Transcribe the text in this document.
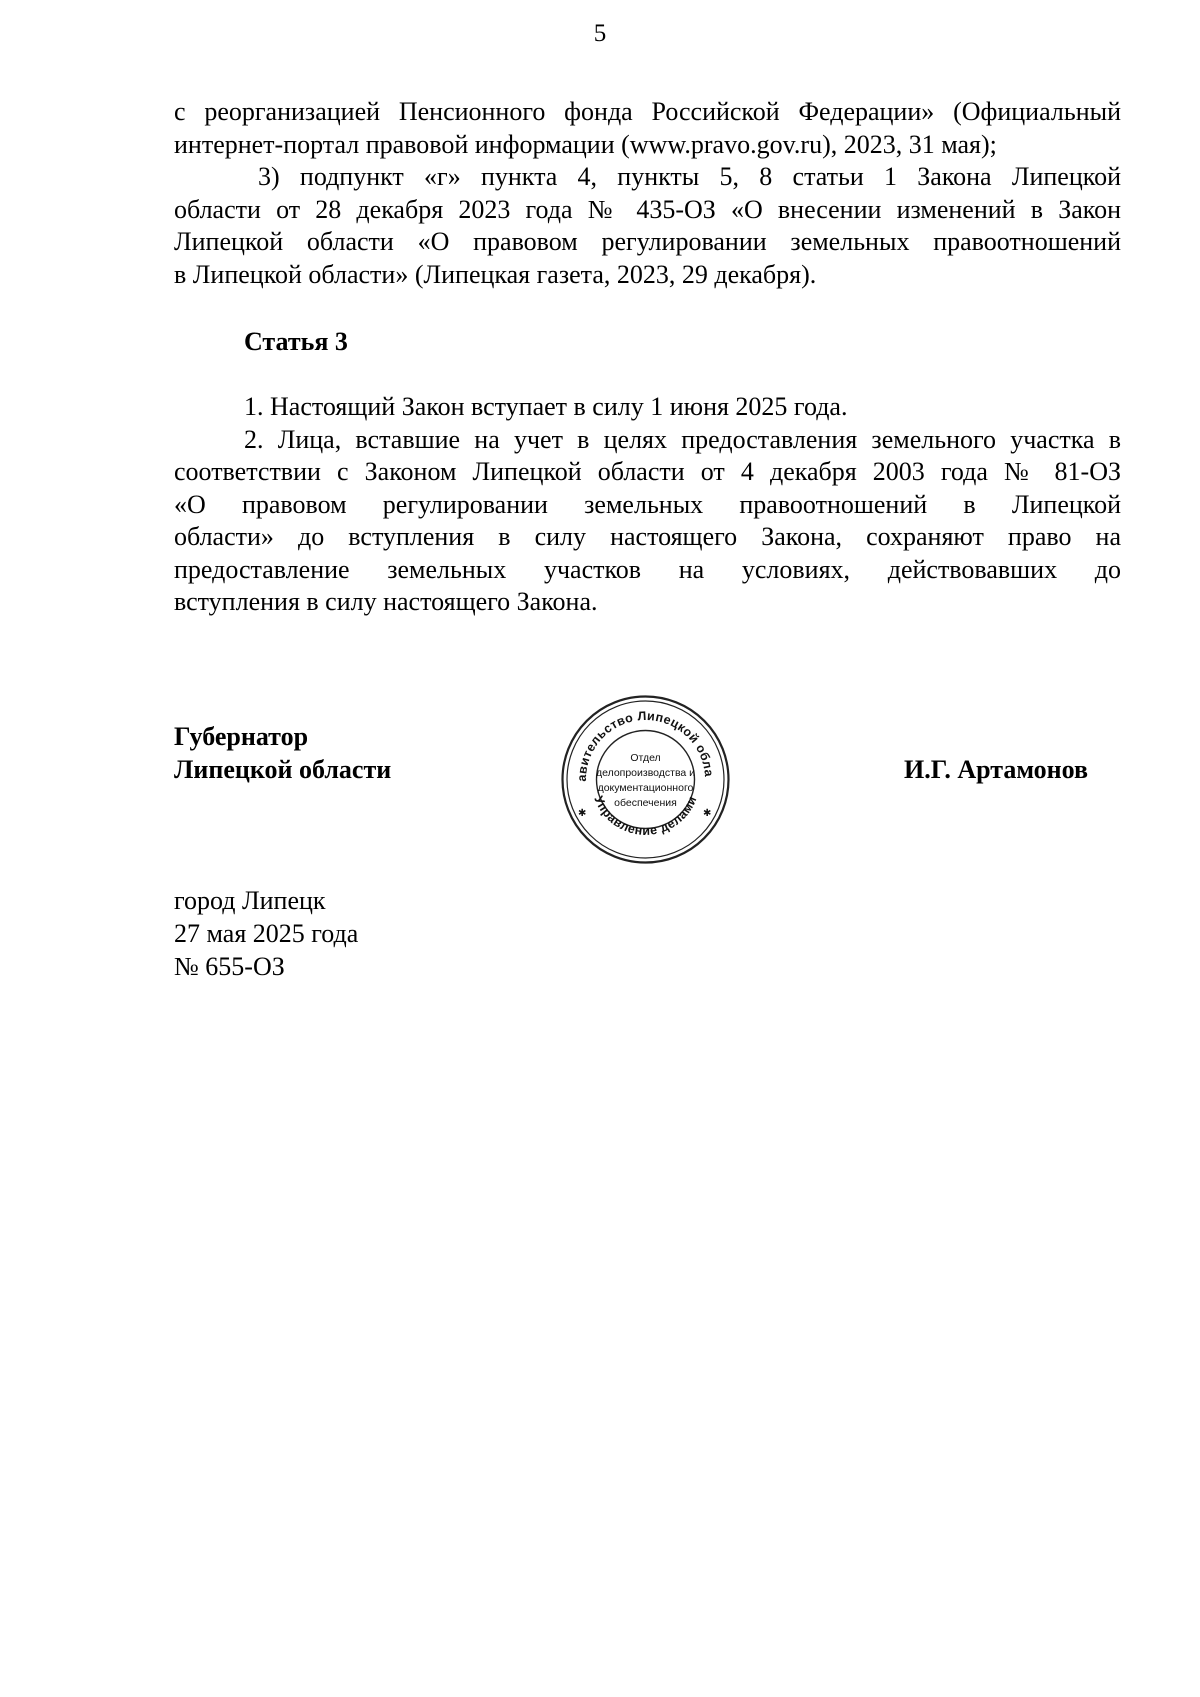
5
с реорганизацией Пенсионного фонда Российской Федерации» (Официальный
интернет-портал правовой информации (www.pravo.gov.ru), 2023, 31 мая);
3) подпункт «г» пункта 4, пункты 5, 8 статьи 1 Закона Липецкой
области от 28 декабря 2023 года № 435-ОЗ «О внесении изменений в Закон
Липецкой области «О правовом регулировании земельных правоотношений
в Липецкой области» (Липецкая газета, 2023, 29 декабря).
Статья 3
1. Настоящий Закон вступает в силу 1 июня 2025 года.
2. Лица, вставшие на учет в целях предоставления земельного участка в
соответствии с Законом Липецкой области от 4 декабря 2003 года № 81-ОЗ
«О правовом регулировании земельных правоотношений в Липецкой
области» до вступления в силу настоящего Закона, сохраняют право на
предоставление земельных участков на условиях, действовавших до
вступления в силу настоящего Закона.
Губернатор
Липецкой области	авительство Липецкой обла
Управление делами
✱	✱
Отдел
делопроизводства и
документационного
обеспечения
И.Г. Артамонов
город Липецк
27 мая 2025 года
№ 655-ОЗ
